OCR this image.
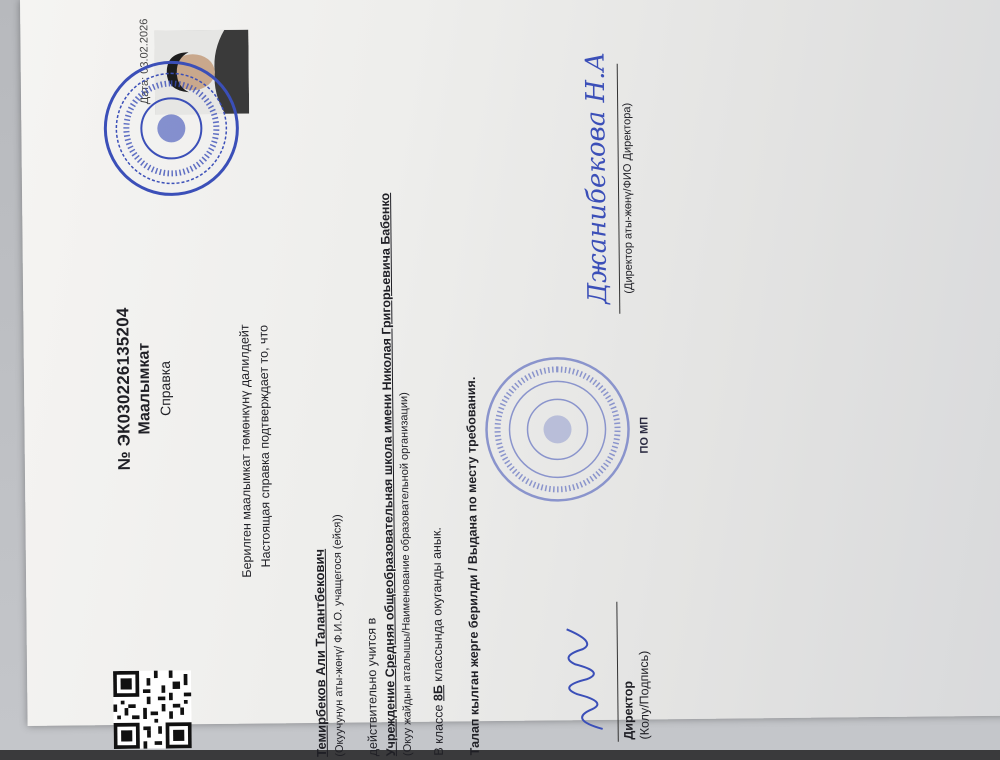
№ ЭК030226135204 Маалымкат Справка
Дата: 03.02.2026
Берилген маалымкат төмөнкүнү далилдейт Настоящая справка подтверждает то, что
Темирбеков Али Талантбекович (Окуучунун аты-жөнү/ Ф.И.О. учащегося (ейся)) действительно учится в
Учреждение Средняя общеобразовательная школа имени Николая Григорьевича Бабенко (Окуу жайдын аталышы/Наименование образовательной организации) В классе 8Б классында окуганды анык. Талап кылган жерге берилди / Выдана по месту требования.	ПО МП
Директор (Колу/Подпись)
Джанибекова Н.А (Директор аты-жөнү/ФИО Директора)
